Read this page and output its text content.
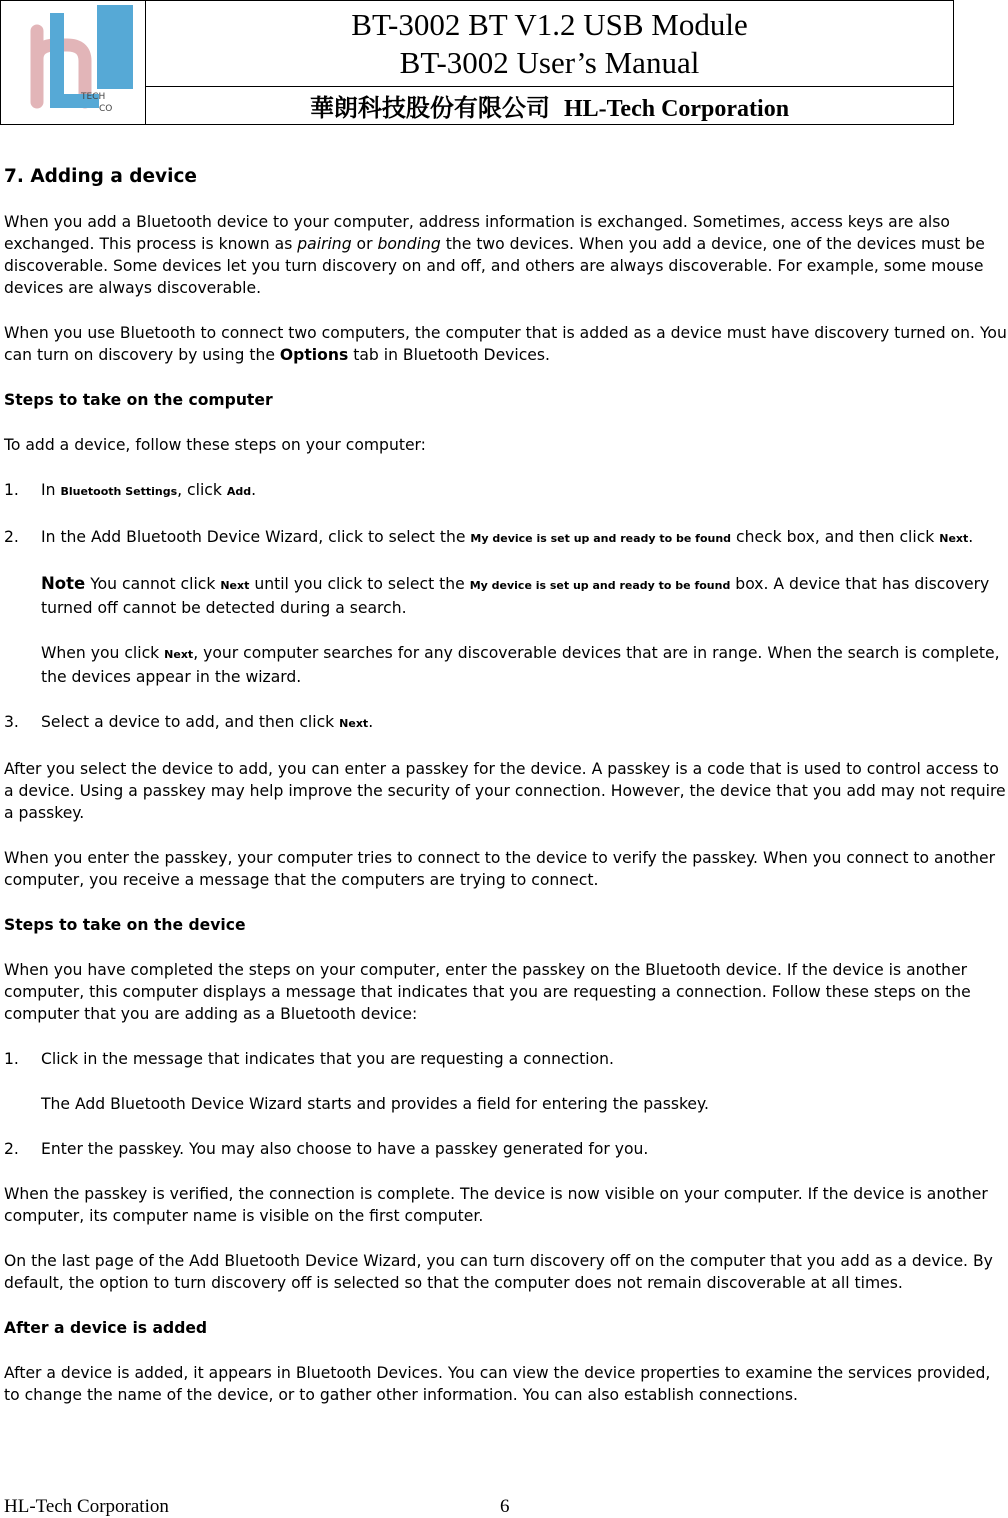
TECH
CO

BT-3002 BT V1.2 USB Module
BT-3002 User’s Manual

華朗科技股份有限公司 HL-Tech Corporation

7. Adding a device

When you add a Bluetooth device to your computer, address information is exchanged. Sometimes, access keys are also exchanged. This process is known as pairing or bonding the two devices. When you add a device, one of the devices must be discoverable. Some devices let you turn discovery on and off, and others are always discoverable. For example, some mouse devices are always discoverable.

When you use Bluetooth to connect two computers, the computer that is added as a device must have discovery turned on. You can turn on discovery by using the Options tab in Bluetooth Devices.

Steps to take on the computer

To add a device, follow these steps on your computer:

1.	In Bluetooth Settings, click Add.
2.	In the Add Bluetooth Device Wizard, click to select the My device is set up and ready to be found check box, and then click Next.

Note You cannot click Next until you click to select the My device is set up and ready to be found box. A device that has discovery turned off cannot be detected during a search.

When you click Next, your computer searches for any discoverable devices that are in range. When the search is complete, the devices appear in the wizard.

3.	Select a device to add, and then click Next.

After you select the device to add, you can enter a passkey for the device. A passkey is a code that is used to control access to a device. Using a passkey may help improve the security of your connection. However, the device that you add may not require a passkey.

When you enter the passkey, your computer tries to connect to the device to verify the passkey. When you connect to another computer, you receive a message that the computers are trying to connect.

Steps to take on the device

When you have completed the steps on your computer, enter the passkey on the Bluetooth device. If the device is another computer, this computer displays a message that indicates that you are requesting a connection. Follow these steps on the computer that you are adding as a Bluetooth device:

1.	Click in the message that indicates that you are requesting a connection.

The Add Bluetooth Device Wizard starts and provides a field for entering the passkey.

2.	Enter the passkey. You may also choose to have a passkey generated for you.

When the passkey is verified, the connection is complete. The device is now visible on your computer. If the device is another computer, its computer name is visible on the first computer.

On the last page of the Add Bluetooth Device Wizard, you can turn discovery off on the computer that you add as a device. By default, the option to turn discovery off is selected so that the computer does not remain discoverable at all times.

After a device is added

After a device is added, it appears in Bluetooth Devices. You can view the device properties to examine the services provided, to change the name of the device, or to gather other information. You can also establish connections.

HL-Tech Corporation	6
